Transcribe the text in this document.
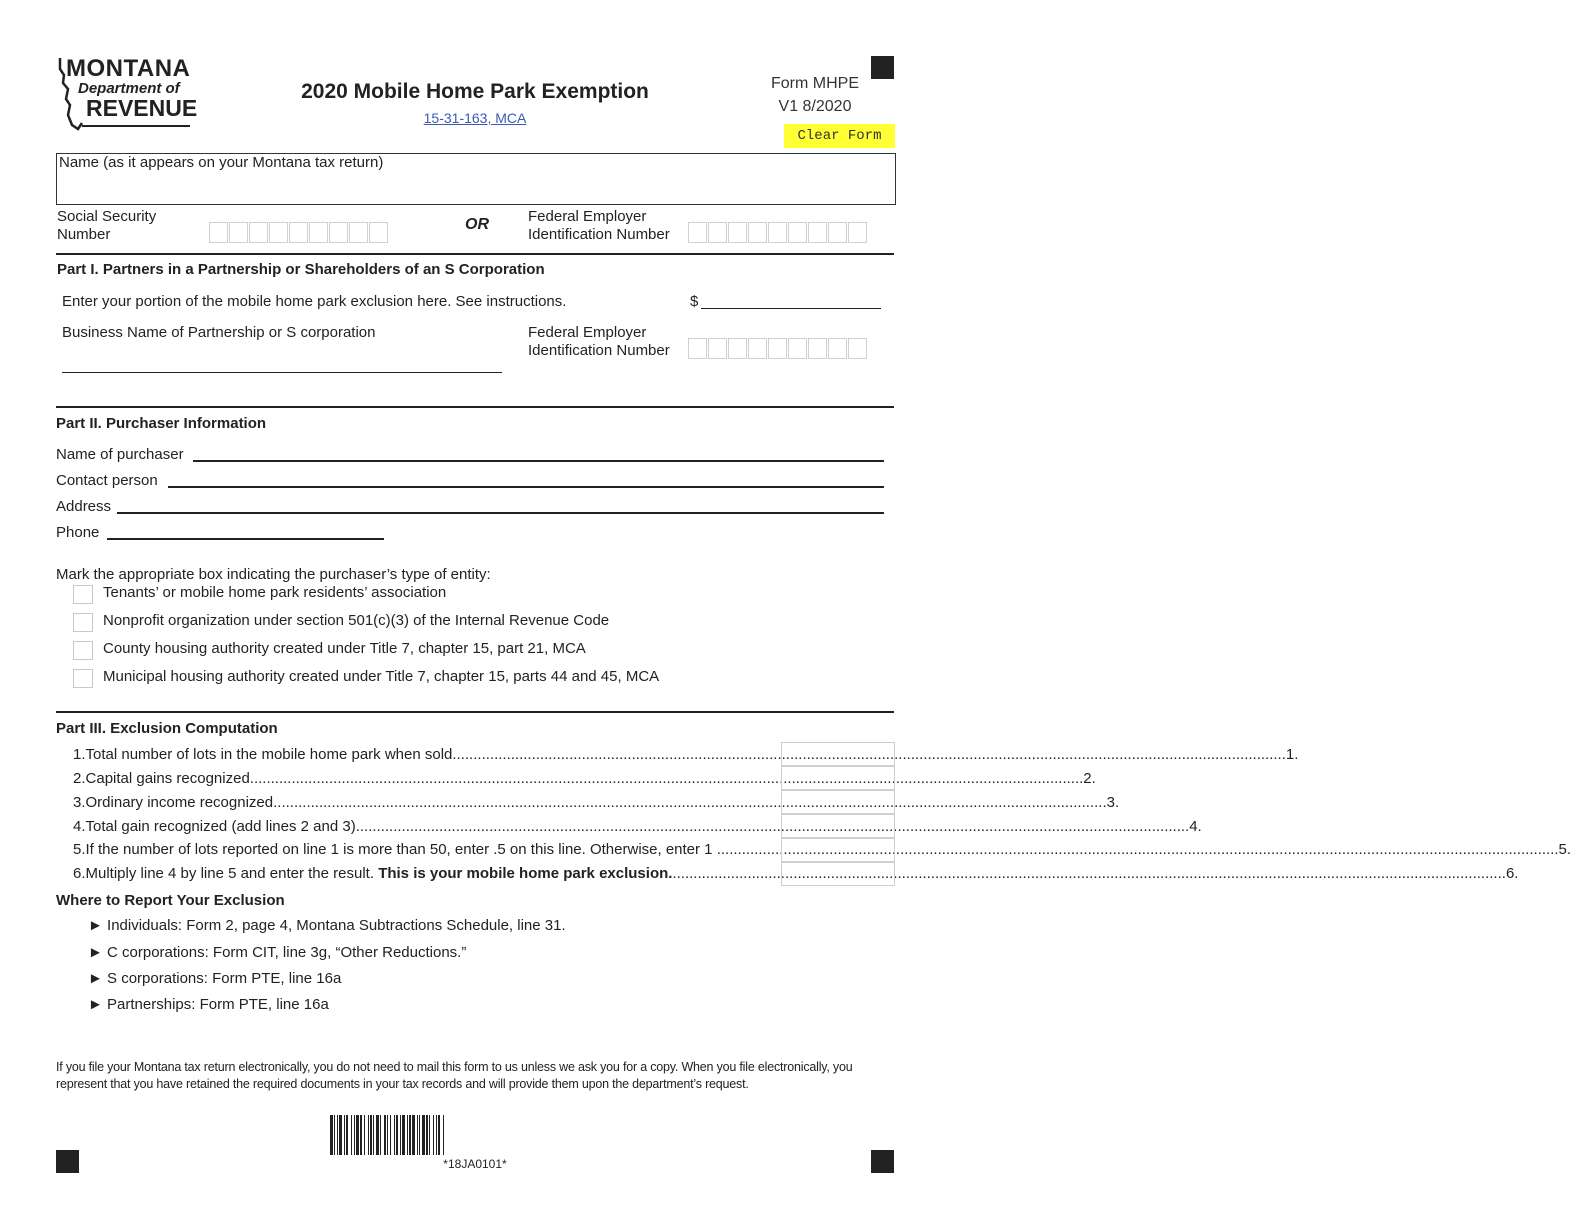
MONTANA
Department of
REVENUE
2020 Mobile Home Park Exemption
15-31-163, MCA
Form MHPE
V1 8/2020
Clear Form
Name (as it appears on your Montana tax return)
Social Security
Number
OR	Federal Employer
Identification Number
Part I. Partners in a Partnership or Shareholders of an S Corporation
Enter your portion of the mobile home park exclusion here. See instructions.	$
Business Name of Partnership or S corporation	Federal Employer
Identification Number
Part II. Purchaser Information
Name of purchaser
Contact person
Address
Phone
Mark the appropriate box indicating the purchaser’s type of entity:
Tenants’ or mobile home park residents’ association
Nonprofit organization under section 501(c)(3) of the Internal Revenue Code
County housing authority created under Title 7, chapter 15, part 21, MCA
Municipal housing authority created under Title 7, chapter 15, parts 44 and 45, MCA
Part III. Exclusion Computation
1. Total number of lots in the mobile home park when sold ........................................................................................................................................................................................................ 1.
2. Capital gains recognized ........................................................................................................................................................................................................ 2.
3. Ordinary income recognized ........................................................................................................................................................................................................ 3.
4. Total gain recognized (add lines 2 and 3) ........................................................................................................................................................................................................ 4.
5. If the number of lots reported on line 1 is more than 50, enter .5 on this line. Otherwise, enter 1 .. ........................................................................................................................................................................................................ 5.
6. Multiply line 4 by line 5 and enter the result. This is your mobile home park exclusion. ........................................................................................................................................................................................................ 6.
Where to Report Your Exclusion
► Individuals: Form 2, page 4, Montana Subtractions Schedule, line 31.
► C corporations: Form CIT, line 3g, “Other Reductions.”
► S corporations: Form PTE, line 16a
► Partnerships: Form PTE, line 16a
If you file your Montana tax return electronically, you do not need to mail this form to us unless we ask you for a copy. When you file electronically, you represent that you have retained the required documents in your tax records and will provide them upon the department’s request.
*18JA0101*
